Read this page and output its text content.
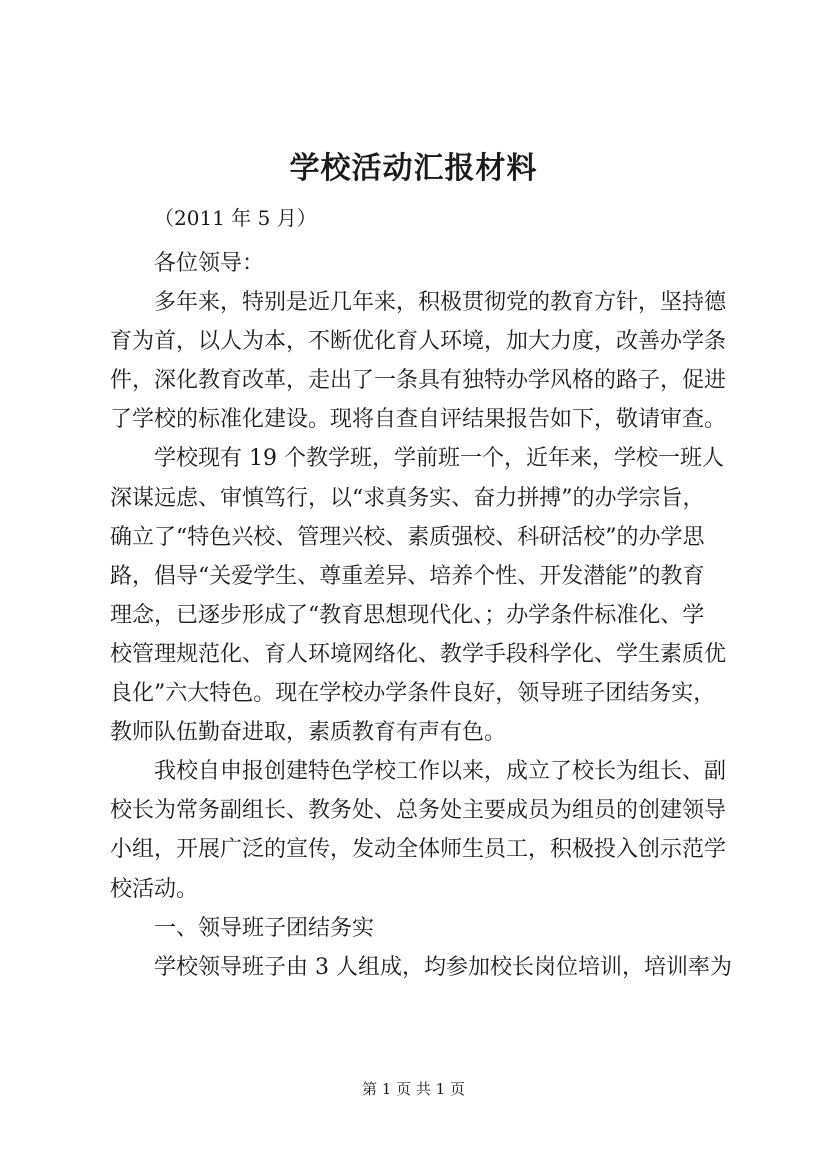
学校活动汇报材料
（2011 年 5 月）
各位领导：
多年来，特别是近几年来，积极贯彻党的教育方针，坚持德
育为首，以人为本，不断优化育人环境，加大力度，改善办学条
件，深化教育改革，走出了一条具有独特办学风格的路子，促进
了学校的标准化建设。现将自查自评结果报告如下，敬请审查。
学校现有 19 个教学班，学前班一个，近年来，学校一班人
深谋远虑、审慎笃行，以“求真务实、奋力拼搏”的办学宗旨，
确立了“特色兴校、管理兴校、素质强校、科研活校”的办学思
路，倡导“关爱学生、尊重差异、培养个性、开发潜能”的教育
理念，已逐步形成了“教育思想现代化、；办学条件标准化、学
校管理规范化、育人环境网络化、教学手段科学化、学生素质优
良化”六大特色。现在学校办学条件良好，领导班子团结务实，
教师队伍勤奋进取，素质教育有声有色。
我校自申报创建特色学校工作以来，成立了校长为组长、副
校长为常务副组长、教务处、总务处主要成员为组员的创建领导
小组，开展广泛的宣传，发动全体师生员工，积极投入创示范学
校活动。
一、领导班子团结务实
学校领导班子由 3 人组成，均参加校长岗位培训，培训率为
第 1 页 共 1 页
